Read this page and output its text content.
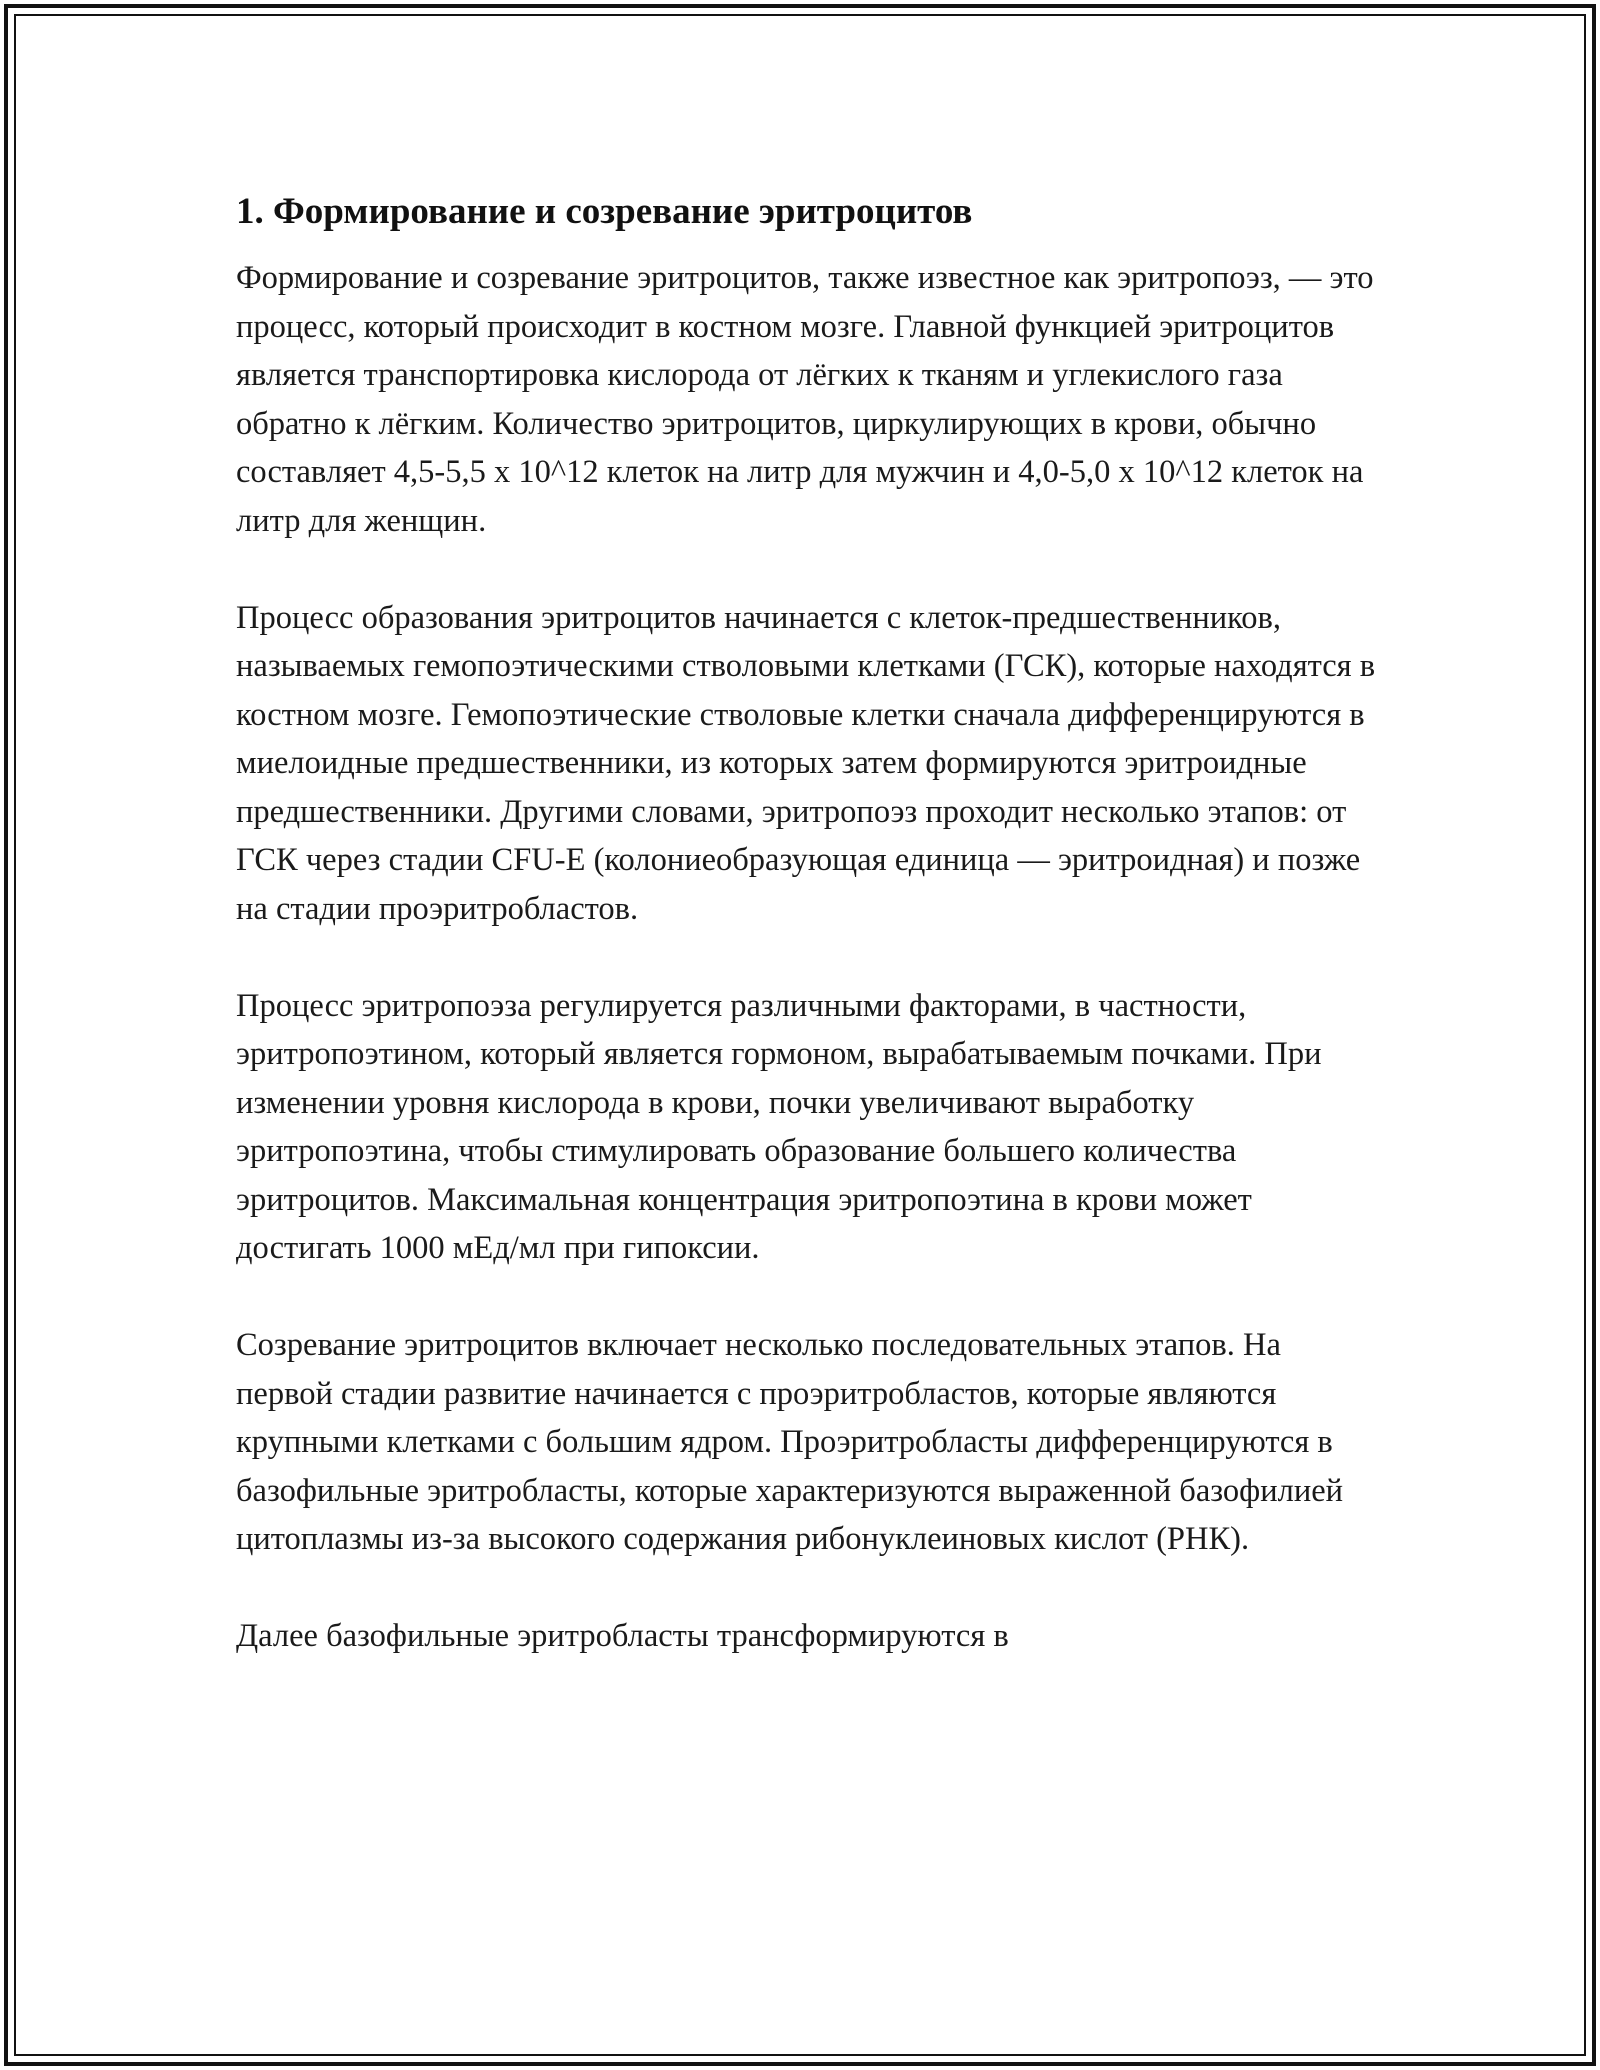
1. Формирование и созревание эритроцитов

Формирование и созревание эритроцитов, также известное как эритропоэз, — это процесс, который происходит в костном мозге. Главной функцией эритроцитов является транспортировка кислорода от лёгких к тканям и углекислого газа обратно к лёгким. Количество эритроцитов, циркулирующих в крови, обычно составляет 4,5-5,5 x 10^12 клеток на литр для мужчин и 4,0-5,0 x 10^12 клеток на литр для женщин.

Процесс образования эритроцитов начинается с клеток-предшественников, называемых гемопоэтическими стволовыми клетками (ГСК), которые находятся в костном мозге. Гемопоэтические стволовые клетки сначала дифференцируются в миелоидные предшественники, из которых затем формируются эритроидные предшественники. Другими словами, эритропоэз проходит несколько этапов: от ГСК через стадии CFU-E (колониеобразующая единица — эритроидная) и позже на стадии проэритробластов.

Процесс эритропоэза регулируется различными факторами, в частности, эритропоэтином, который является гормоном, вырабатываемым почками. При изменении уровня кислорода в крови, почки увеличивают выработку эритропоэтина, чтобы стимулировать образование большего количества эритроцитов. Максимальная концентрация эритропоэтина в крови может достигать 1000 мЕд/мл при гипоксии.

Созревание эритроцитов включает несколько последовательных этапов. На первой стадии развитие начинается с проэритробластов, которые являются крупными клетками с большим ядром. Проэритробласты дифференцируются в базофильные эритробласты, которые характеризуются выраженной базофилией цитоплазмы из-за высокого содержания рибонуклеиновых кислот (РНК).

Далее базофильные эритробласты трансформируются в
